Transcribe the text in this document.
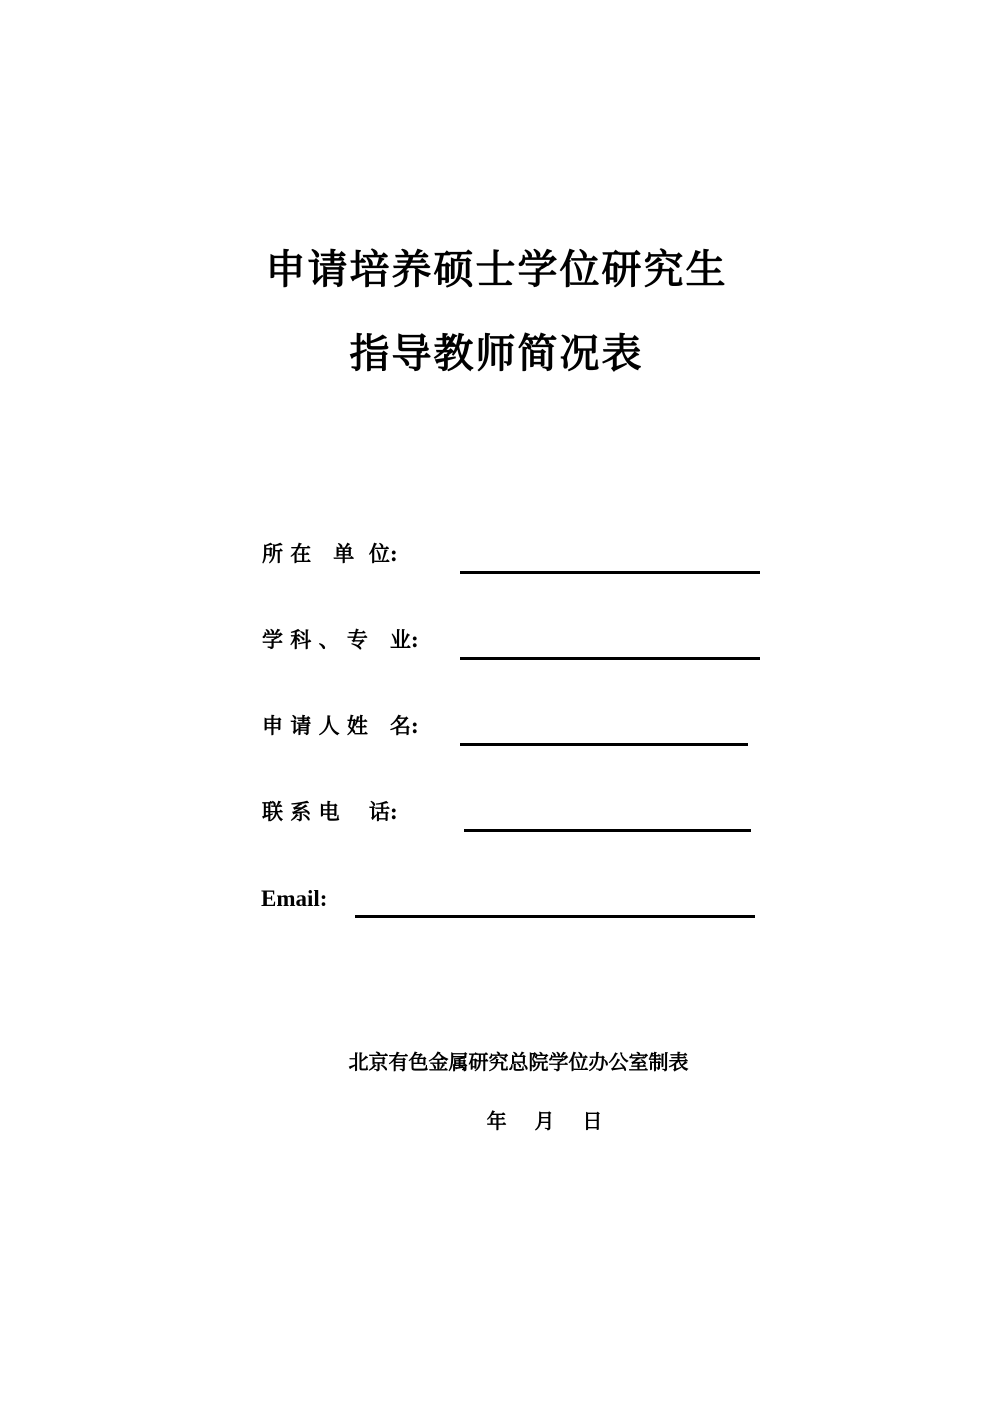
申请培养硕士学位研究生
指导教师简况表
所 在   单  位:
学 科 、 专   业:
申 请 人 姓   名:
联 系 电    话:
Email:
北京有色金属研究总院学位办公室制表
年    月    日
